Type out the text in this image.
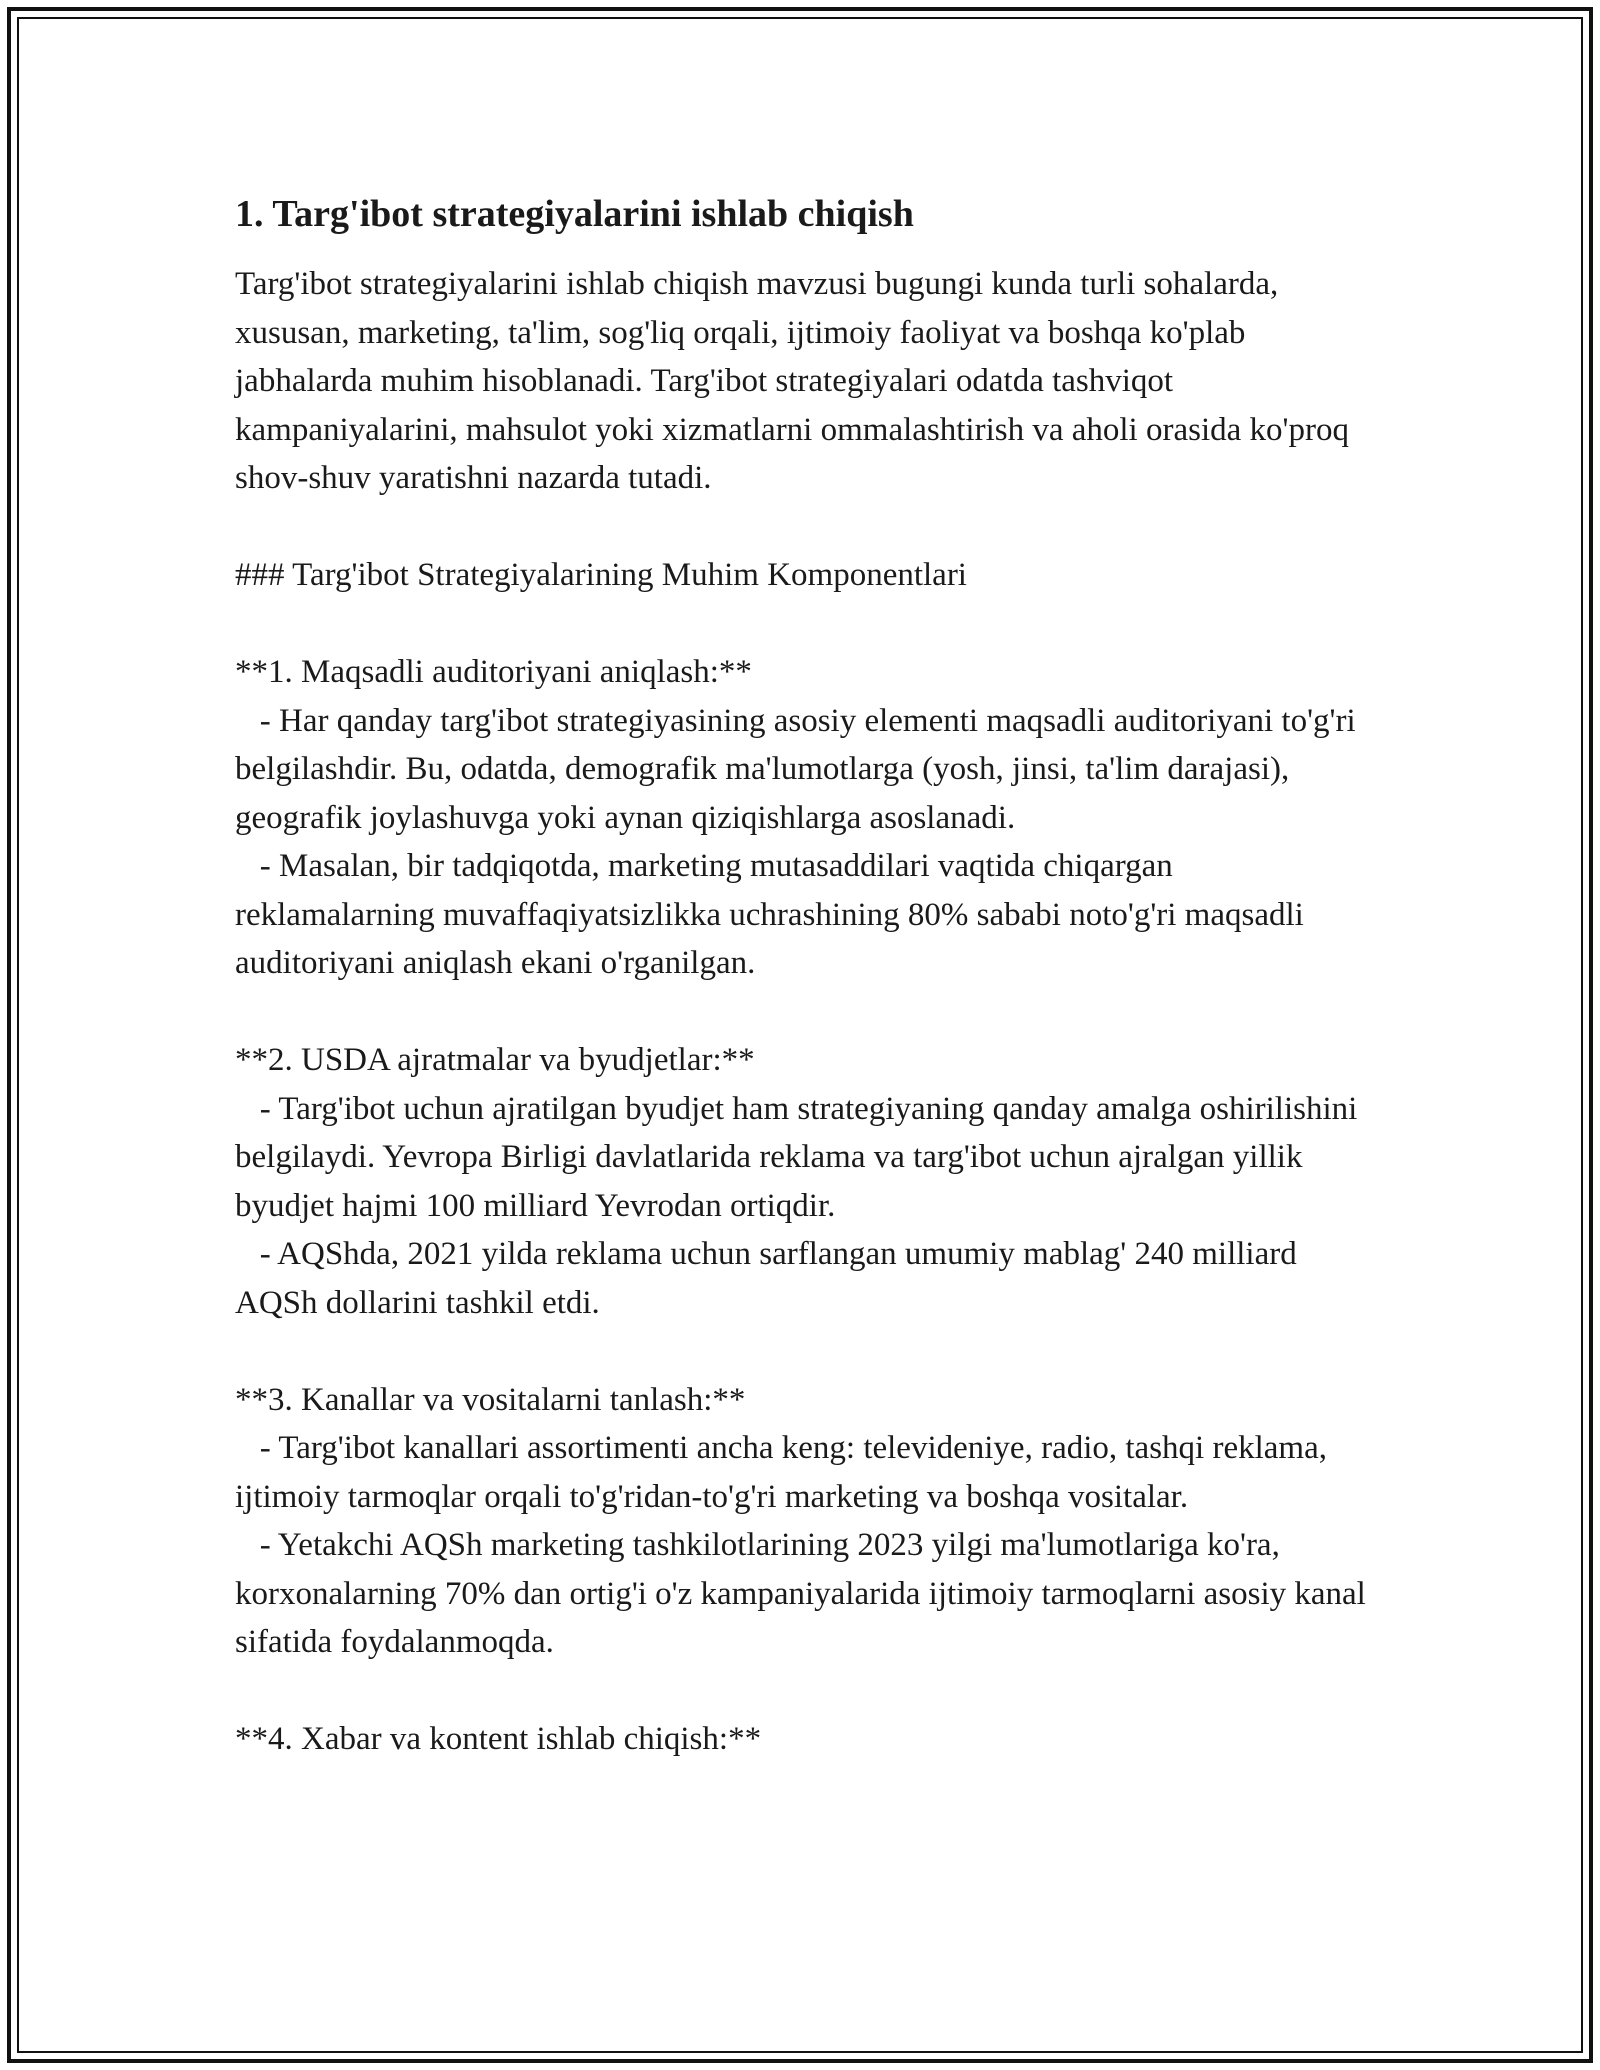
1. Targ'ibot strategiyalarini ishlab chiqish

Targ'ibot strategiyalarini ishlab chiqish mavzusi bugungi kunda turli sohalarda, xususan, marketing, ta'lim, sog'liq orqali, ijtimoiy faoliyat va boshqa ko'plab jabhalarda muhim hisoblanadi. Targ'ibot strategiyalari odatda tashviqot kampaniyalarini, mahsulot yoki xizmatlarni ommalashtirish va aholi orasida ko'proq shov-shuv yaratishni nazarda tutadi.

### Targ'ibot Strategiyalarining Muhim Komponentlari

**1. Maqsadli auditoriyani aniqlash:**

- Har qanday targ'ibot strategiyasining asosiy elementi maqsadli auditoriyani to'g'ri belgilashdir. Bu, odatda, demografik ma'lumotlarga (yosh, jinsi, ta'lim darajasi), geografik joylashuvga yoki aynan qiziqishlarga asoslanadi.

- Masalan, bir tadqiqotda, marketing mutasaddilari vaqtida chiqargan reklamalarning muvaffaqiyatsizlikka uchrashining 80% sababi noto'g'ri maqsadli auditoriyani aniqlash ekani o'rganilgan.

**2. USDA ajratmalar va byudjetlar:**

- Targ'ibot uchun ajratilgan byudjet ham strategiyaning qanday amalga oshirilishini belgilaydi. Yevropa Birligi davlatlarida reklama va targ'ibot uchun ajralgan yillik byudjet hajmi 100 milliard Yevrodan ortiqdir.

- AQShda, 2021 yilda reklama uchun sarflangan umumiy mablag' 240 milliard AQSh dollarini tashkil etdi.

**3. Kanallar va vositalarni tanlash:**

- Targ'ibot kanallari assortimenti ancha keng: televideniye, radio, tashqi reklama, ijtimoiy tarmoqlar orqali to'g'ridan-to'g'ri marketing va boshqa vositalar.

- Yetakchi AQSh marketing tashkilotlarining 2023 yilgi ma'lumotlariga ko'ra, korxonalarning 70% dan ortig'i o'z kampaniyalarida ijtimoiy tarmoqlarni asosiy kanal sifatida foydalanmoqda.

**4. Xabar va kontent ishlab chiqish:**
